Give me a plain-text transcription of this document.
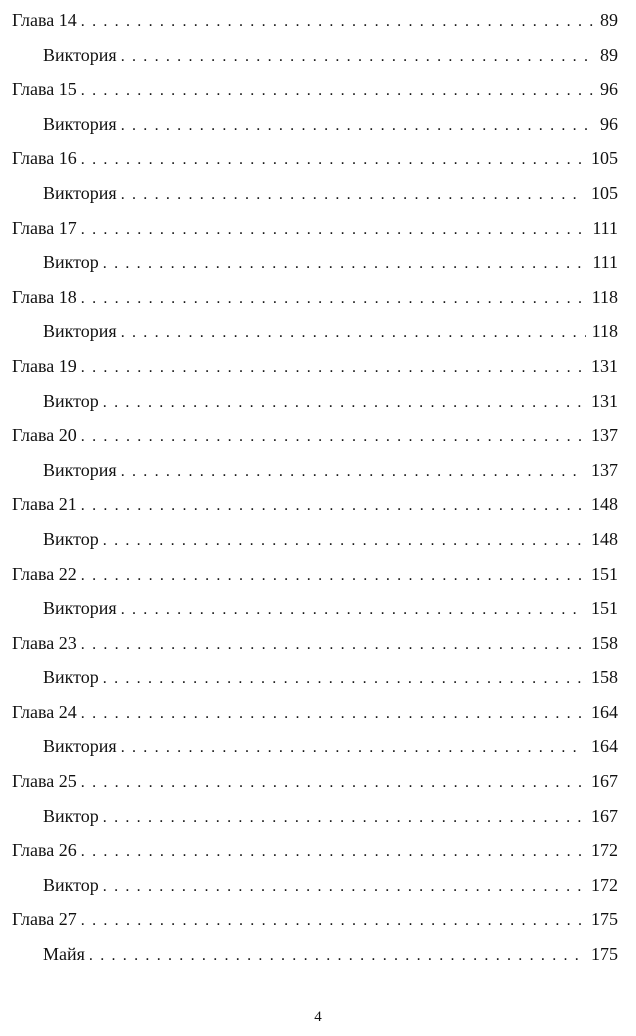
Глава 14 . . .	89
Виктория . . .	89
Глава 15 . . .	96
Виктория . . .	96
Глава 16 . . .	105
Виктория . . .	105
Глава 17 . . .	111
Виктор . . .	111
Глава 18 . . .	118
Виктория . . .	118
Глава 19 . . .	131
Виктор . . .	131
Глава 20 . . .	137
Виктория . . .	137
Глава 21 . . .	148
Виктор . . .	148
Глава 22 . . .	151
Виктория . . .	151
Глава 23 . . .	158
Виктор . . .	158
Глава 24 . . .	164
Виктория . . .	164
Глава 25 . . .	167
Виктор . . .	167
Глава 26 . . .	172
Виктор . . .	172
Глава 27 . . .	175
Майя . . .	175
4
